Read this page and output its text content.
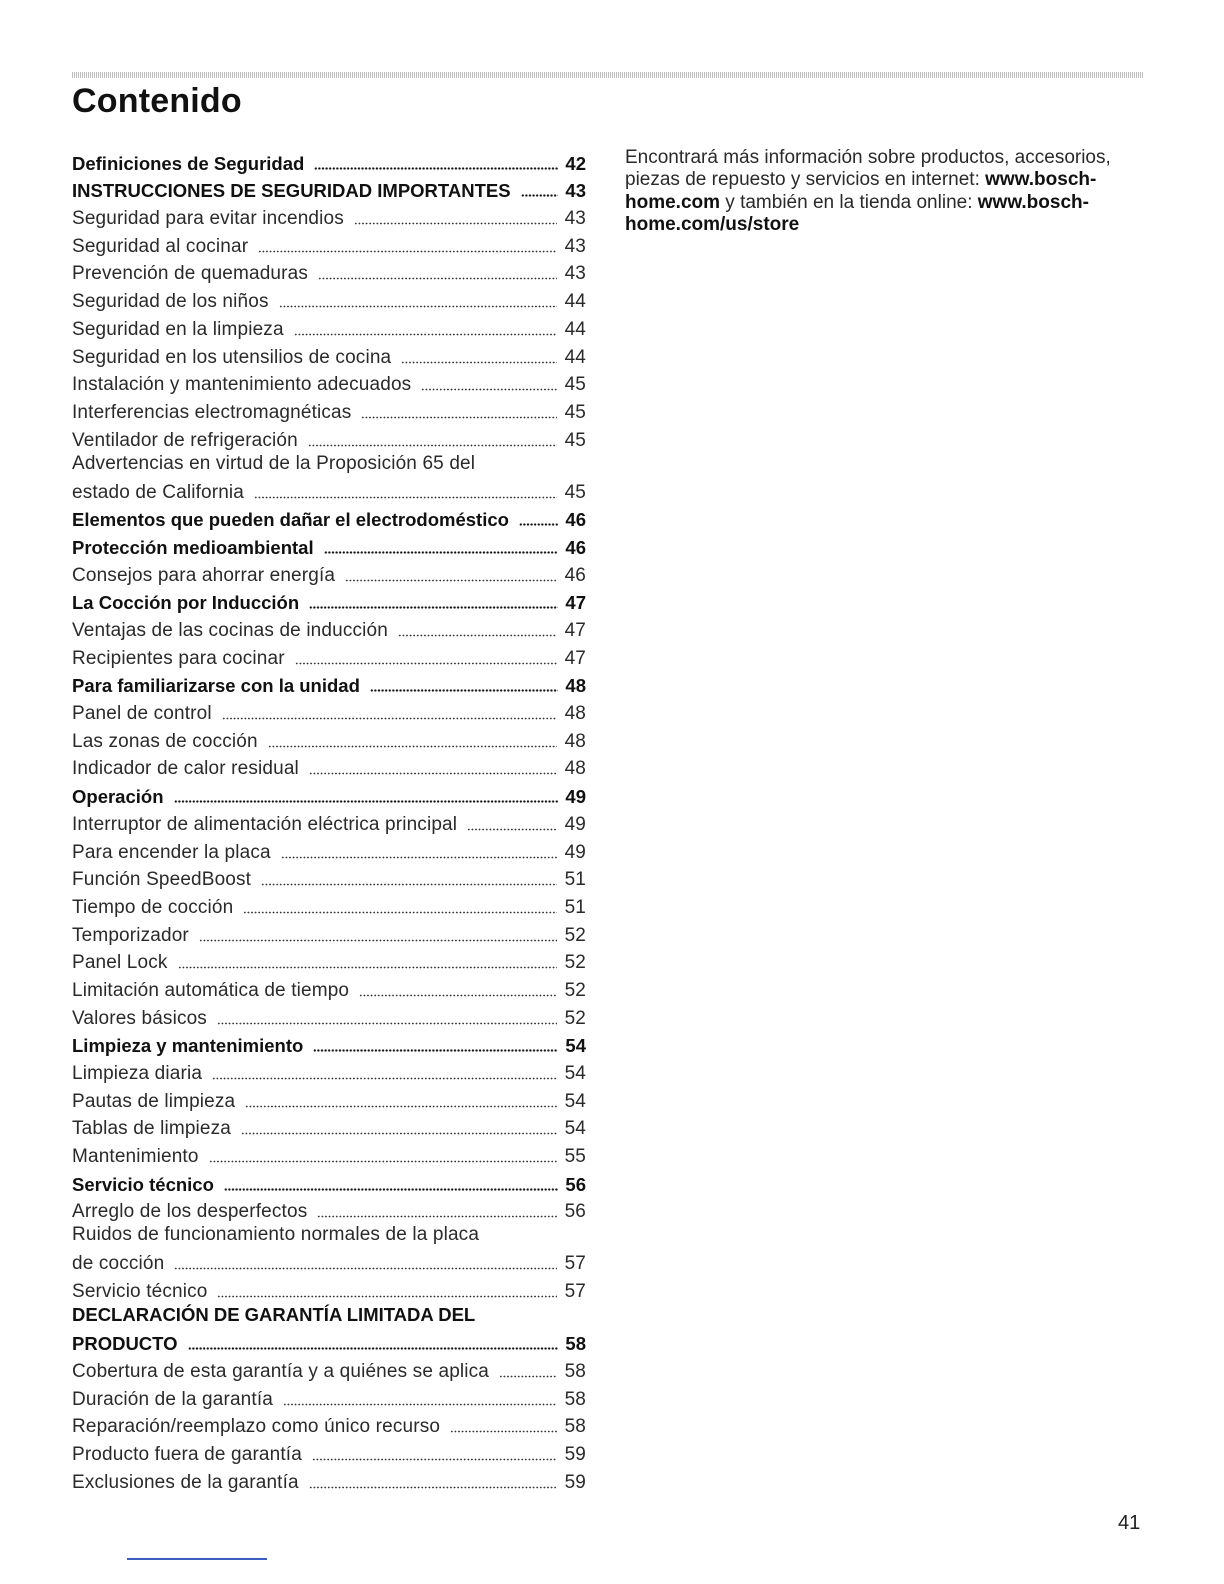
Contenido
Definiciones de Seguridad	42
INSTRUCCIONES DE SEGURIDAD IMPORTANTES	43
Seguridad para evitar incendios	43
Seguridad al cocinar	43
Prevención de quemaduras	43
Seguridad de los niños	44
Seguridad en la limpieza	44
Seguridad en los utensilios de cocina	44
Instalación y mantenimiento adecuados	45
Interferencias electromagnéticas	45
Ventilador de refrigeración	45
Advertencias en virtud de la Proposición 65 del
estado de California	45
Elementos que pueden dañar el electrodoméstico	46
Protección medioambiental	46
Consejos para ahorrar energía	46
La Cocción por Inducción	47
Ventajas de las cocinas de inducción	47
Recipientes para cocinar	47
Para familiarizarse con la unidad	48
Panel de control	48
Las zonas de cocción	48
Indicador de calor residual	48
Operación	49
Interruptor de alimentación eléctrica principal	49
Para encender la placa	49
Función SpeedBoost	51
Tiempo de cocción	51
Temporizador	52
Panel Lock	52
Limitación automática de tiempo	52
Valores básicos	52
Limpieza y mantenimiento	54
Limpieza diaria	54
Pautas de limpieza	54
Tablas de limpieza	54
Mantenimiento	55
Servicio técnico	56
Arreglo de los desperfectos	56
Ruidos de funcionamiento normales de la placa
de cocción	57
Servicio técnico	57
DECLARACIÓN DE GARANTÍA LIMITADA DEL
PRODUCTO	58
Cobertura de esta garantía y a quiénes se aplica	58
Duración de la garantía	58
Reparación/reemplazo como único recurso	58
Producto fuera de garantía	59
Exclusiones de la garantía	59
Encontrará más información sobre productos, accesorios, piezas de repuesto y servicios en internet: www.bosch-home.com y también en la tienda online: www.bosch-home.com/us/store
41
